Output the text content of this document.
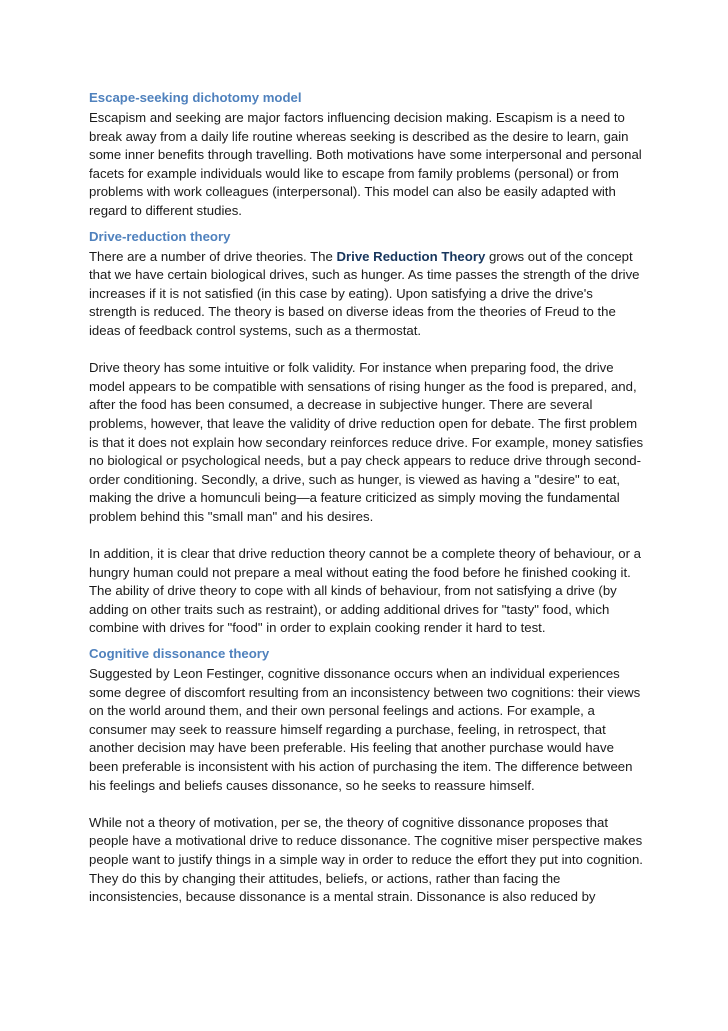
Escape-seeking dichotomy model

Escapism and seeking are major factors influencing decision making. Escapism is a need to break away from a daily life routine whereas seeking is described as the desire to learn, gain some inner benefits through travelling. Both motivations have some interpersonal and personal facets for example individuals would like to escape from family problems (personal) or from problems with work colleagues (interpersonal). This model can also be easily adapted with regard to different studies.

Drive-reduction theory

There are a number of drive theories. The Drive Reduction Theory grows out of the concept that we have certain biological drives, such as hunger. As time passes the strength of the drive increases if it is not satisfied (in this case by eating). Upon satisfying a drive the drive's strength is reduced. The theory is based on diverse ideas from the theories of Freud to the ideas of feedback control systems, such as a thermostat.

Drive theory has some intuitive or folk validity. For instance when preparing food, the drive model appears to be compatible with sensations of rising hunger as the food is prepared, and, after the food has been consumed, a decrease in subjective hunger. There are several problems, however, that leave the validity of drive reduction open for debate. The first problem is that it does not explain how secondary reinforces reduce drive. For example, money satisfies no biological or psychological needs, but a pay check appears to reduce drive through second-order conditioning. Secondly, a drive, such as hunger, is viewed as having a "desire" to eat, making the drive a homunculi being—a feature criticized as simply moving the fundamental problem behind this "small man" and his desires.

In addition, it is clear that drive reduction theory cannot be a complete theory of behaviour, or a hungry human could not prepare a meal without eating the food before he finished cooking it. The ability of drive theory to cope with all kinds of behaviour, from not satisfying a drive (by adding on other traits such as restraint), or adding additional drives for "tasty" food, which combine with drives for "food" in order to explain cooking render it hard to test.

Cognitive dissonance theory

Suggested by Leon Festinger, cognitive dissonance occurs when an individual experiences some degree of discomfort resulting from an inconsistency between two cognitions: their views on the world around them, and their own personal feelings and actions. For example, a consumer may seek to reassure himself regarding a purchase, feeling, in retrospect, that another decision may have been preferable. His feeling that another purchase would have been preferable is inconsistent with his action of purchasing the item. The difference between his feelings and beliefs causes dissonance, so he seeks to reassure himself.

While not a theory of motivation, per se, the theory of cognitive dissonance proposes that people have a motivational drive to reduce dissonance. The cognitive miser perspective makes people want to justify things in a simple way in order to reduce the effort they put into cognition. They do this by changing their attitudes, beliefs, or actions, rather than facing the inconsistencies, because dissonance is a mental strain. Dissonance is also reduced by
